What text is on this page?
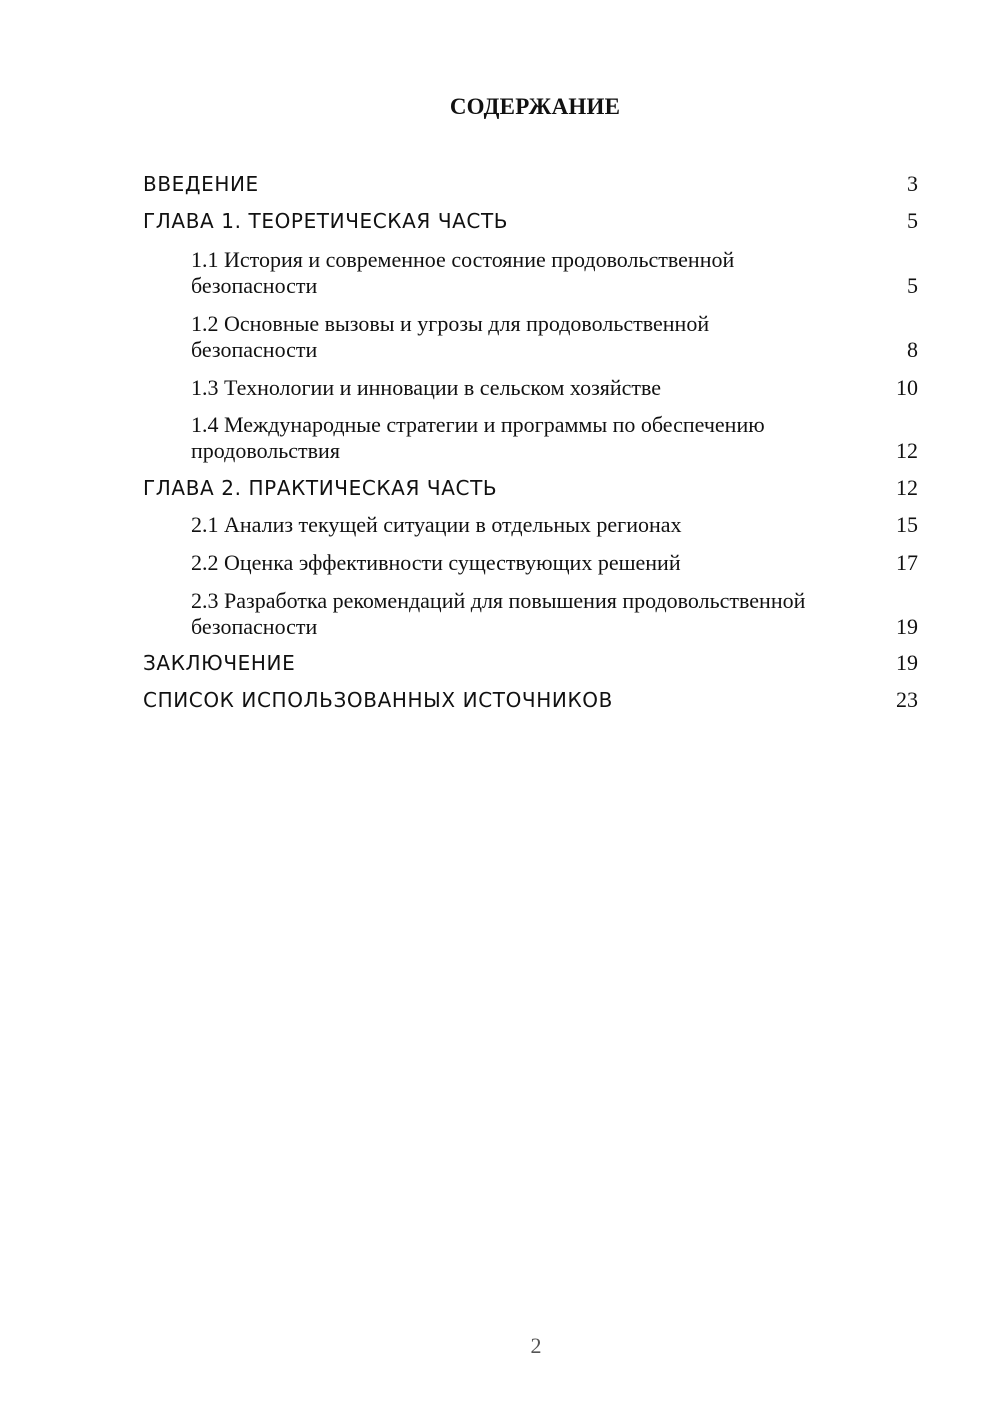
СОДЕРЖАНИЕ
ВВЕДЕНИЕ	3
ГЛАВА 1. ТЕОРЕТИЧЕСКАЯ ЧАСТЬ	5
1.1 История и современное состояние продовольственной безопасности	5
1.2 Основные вызовы и угрозы для продовольственной безопасности	8
1.3 Технологии и инновации в сельском хозяйстве	10
1.4 Международные стратегии и программы по обеспечению продовольствия	12
ГЛАВА 2. ПРАКТИЧЕСКАЯ ЧАСТЬ	12
2.1 Анализ текущей ситуации в отдельных регионах	15
2.2 Оценка эффективности существующих решений	17
2.3 Разработка рекомендаций для повышения продовольственной безопасности	19
ЗАКЛЮЧЕНИЕ	19
СПИСОК ИСПОЛЬЗОВАННЫХ ИСТОЧНИКОВ	23
2
